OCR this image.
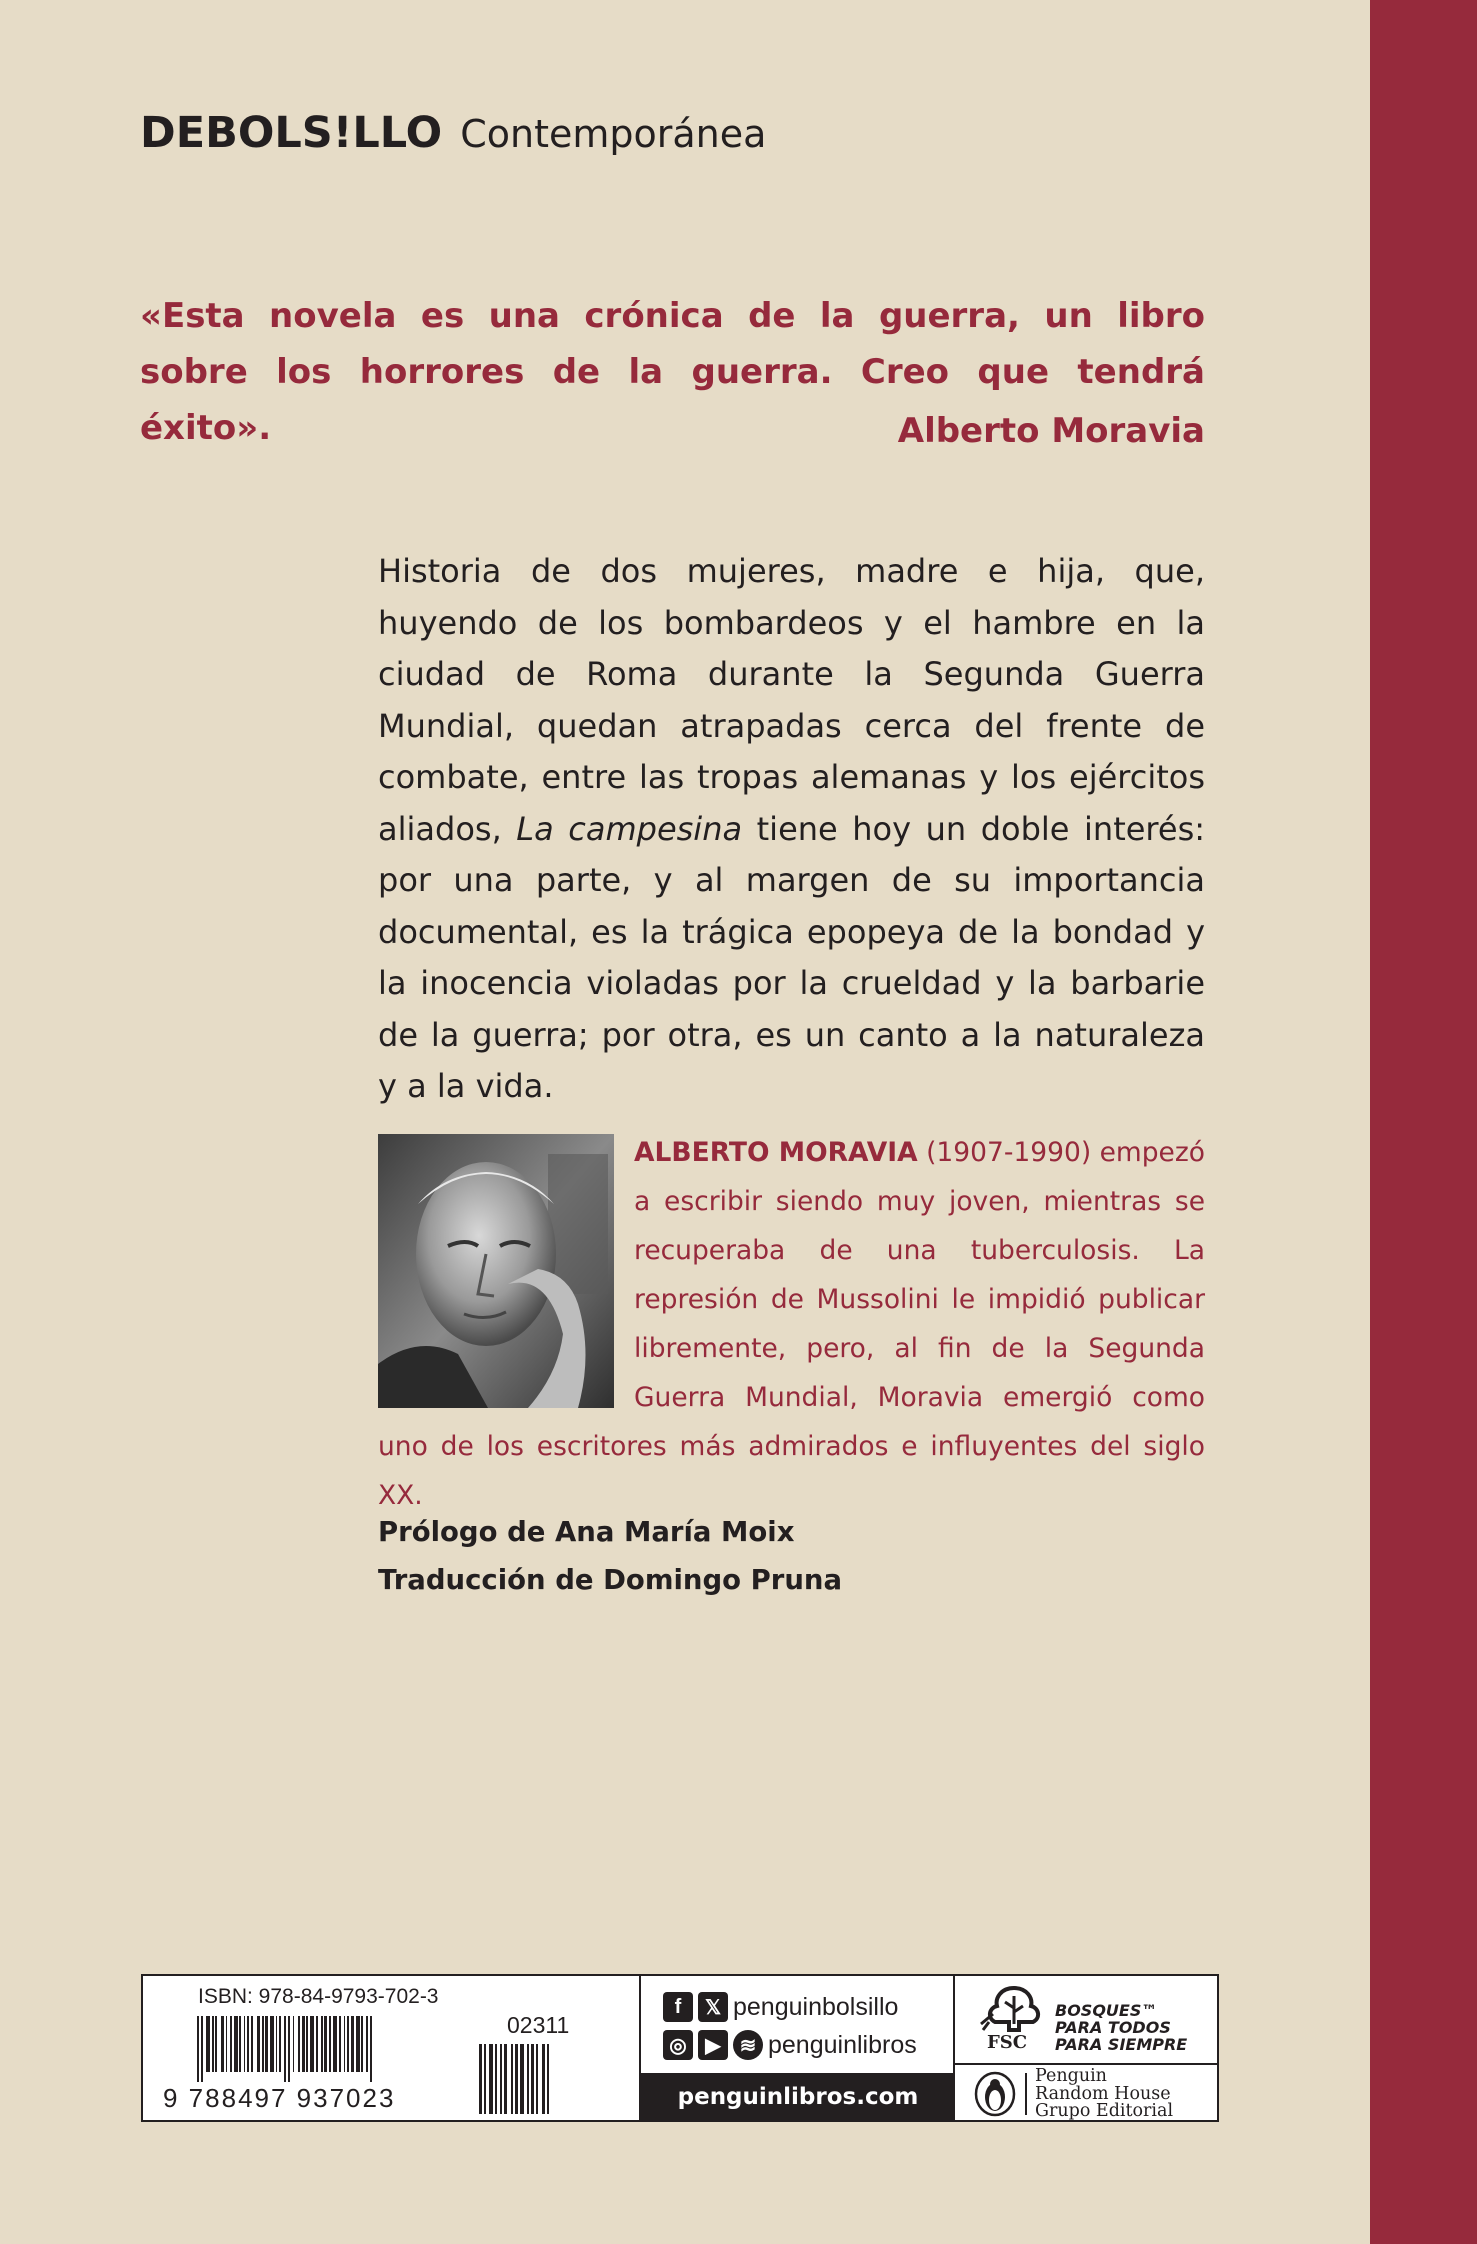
DEBOLS!LLO Contemporánea
«Esta novela es una crónica de la guerra, un libro sobre los horrores de la guerra. Creo que tendrá éxito».	Alberto Moravia
Historia de dos mujeres, madre e hija, que, huyendo de los bombardeos y el hambre en la ciudad de Roma durante la Segunda Guerra Mundial, quedan atrapadas cerca del frente de combate, entre las tropas alemanas y los ejércitos aliados, La campesina tiene hoy un doble interés: por una parte, y al margen de su importancia documental, es la trágica epopeya de la bondad y la inocencia violadas por la crueldad y la barbarie de la guerra; por otra, es un canto a la naturaleza y a la vida.
ALBERTO MORAVIA (1907-1990) empezó a escribir siendo muy joven, mientras se recuperaba de una tuberculosis. La represión de Mussolini le impidió publicar libremente, pero, al fin de la Segunda Guerra Mundial, Moravia emergió como uno de los escritores más admirados e influyentes del siglo XX.
Prólogo de Ana María Moix
Traducción de Domingo Pruna
ISBN: 978-84-9793-702-3
9 788497 937023
02311
f	𝕏 penguinbolsillo
◎ ▶ ≋ penguinlibros
penguinlibros.com
FSC
BOSQUES™
PARA TODOS
PARA SIEMPRE
Penguin
Random House
Grupo Editorial
